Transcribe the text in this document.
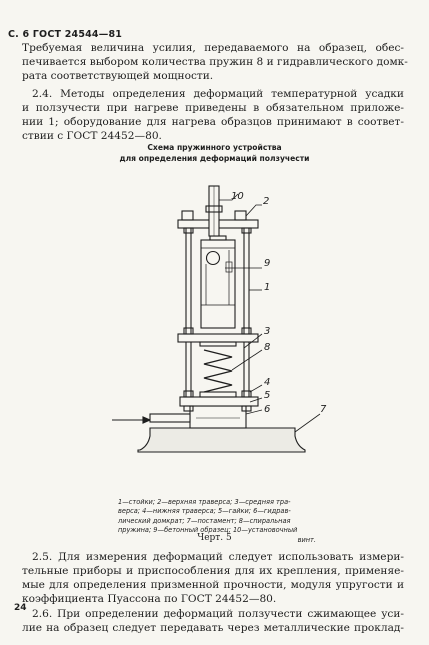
С. 6 ГОСТ 24544—81
Требуемая величина усилия, передаваемого на образец, обес-
печивается выбором количества пружин 8 и гидравлического домк-
рата соответствующей мощности.
2.4. Методы определения деформаций температурной усадки
и ползучести при нагреве приведены в обязательном приложе-
нии 1; оборудование для нагрева образцов принимают в соответ-
ствии с ГОСТ 24452—80.
Схема пружинного устройства
для определения деформаций ползучести
10 2
9
1
3
8
4
5
6	7
1—стойки; 2—верхняя траверса; 3—средняя тра-
верса; 4—нижняя траверса; 5—гайки; 6—гидрав-
лический домкрат; 7—постамент; 8—спиральная
пружина; 9—бетонный образец; 10—установочный
винт.
Черт. 5
2.5. Для измерения деформаций следует использовать измери-
тельные приборы и приспособления для их крепления, применяе-
мые для определения призменной прочности, модуля упругости и
коэффициента Пуассона по ГОСТ 24452—80.
2.6. При определении деформаций ползучести сжимающее уси-
лие на образец следует передавать через металлические проклад-
24
